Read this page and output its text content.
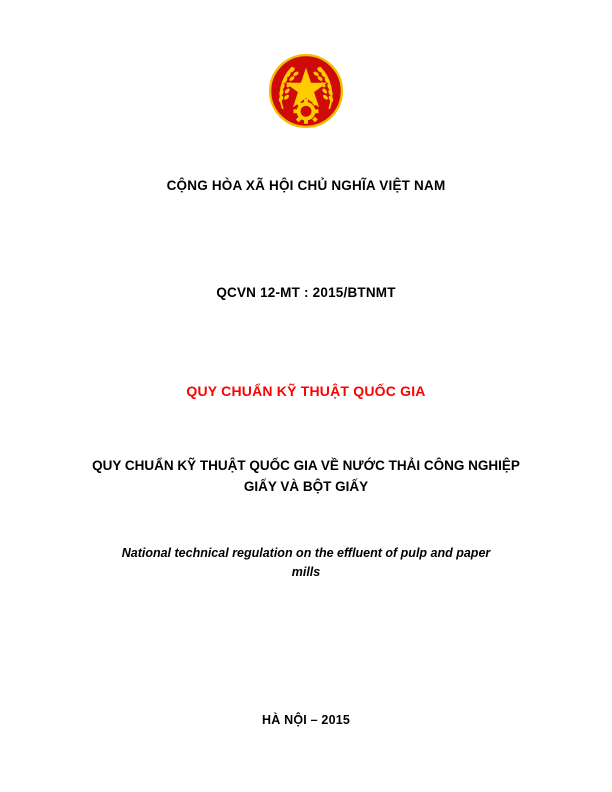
CỘNG HÒA XÃ HỘI CHỦ NGHĨA VIỆT NAM
QCVN 12-MT : 2015/BTNMT
QUY CHUẨN KỸ THUẬT QUỐC GIA
QUY CHUẨN KỸ THUẬT QUỐC GIA VỀ NƯỚC THẢI CÔNG NGHIỆP GIẤY VÀ BỘT GIẤY
National technical regulation on the effluent of pulp and paper mills
HÀ NỘI – 2015
